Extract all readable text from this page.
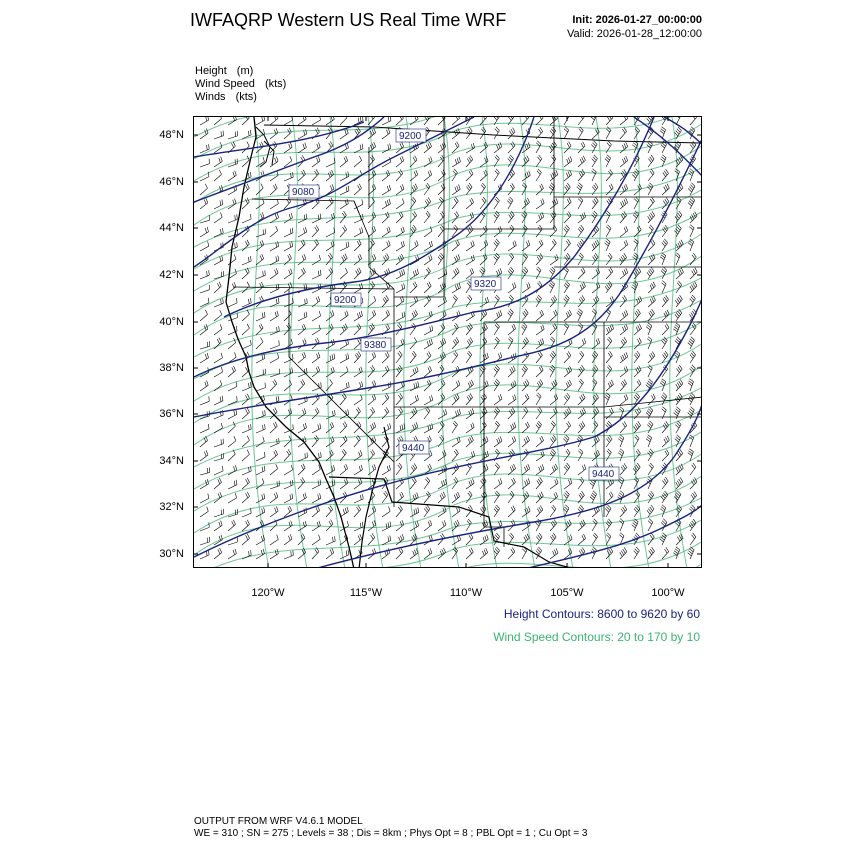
IWFAQRP Western US Real Time WRF	Init: 2026-01-27_00:00:00
Valid: 2026-01-28_12:00:00
Height (m)
Wind Speed (kts)
Winds (kts)
9200
9080
9200
9320
9380
9440
9440
48°N
46°N
44°N
42°N
40°N
38°N
36°N
34°N
32°N
30°N
120°W	115°W	110°W	105°W	100°W
Height Contours: 8600 to 9620 by 60
Wind Speed Contours: 20 to 170 by 10
OUTPUT FROM WRF V4.6.1 MODEL
WE = 310 ; SN = 275 ; Levels = 38 ; Dis = 8km ; Phys Opt = 8 ; PBL Opt = 1 ; Cu Opt = 3
